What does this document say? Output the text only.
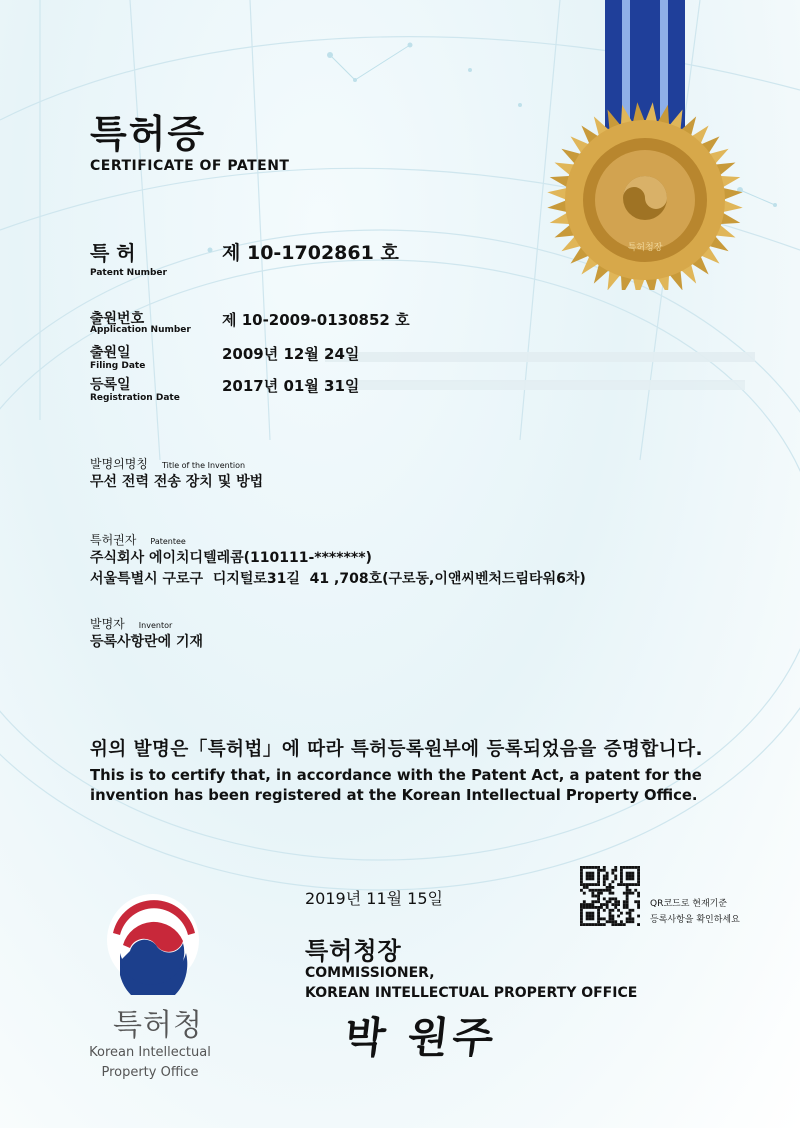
특허청장
특허증
CERTIFICATE OF PATENT
특 허
Patent Number
제 10-1702861 호
출원번호
Application Number
제 10-2009-0130852 호
출원일
Filing Date
2009년 12월 24일
등록일
Registration Date
2017년 01월 31일
발명의명칭 Title of the Invention
무선 전력 전송 장치 및 방법
특허권자 Patentee
주식회사 에이치디텔레콤(110111-*******)
서울특별시 구로구  디지털로31길  41 ,708호(구로동,이앤씨벤처드림타워6차)
발명자 Inventor
등록사항란에 기재
위의 발명은「특허법」에 따라 특허등록원부에 등록되었음을 증명합니다.
This is to certify that, in accordance with the Patent Act, a patent for the invention has been registered at the Korean Intellectual Property Office.
2019년 11월 15일	QR코드로 현재기준
등록사항을 확인하세요
특허청장
COMMISSIONER,
KOREAN INTELLECTUAL PROPERTY OFFICE
박 원주
특허청
Korean Intellectual
Property Office
